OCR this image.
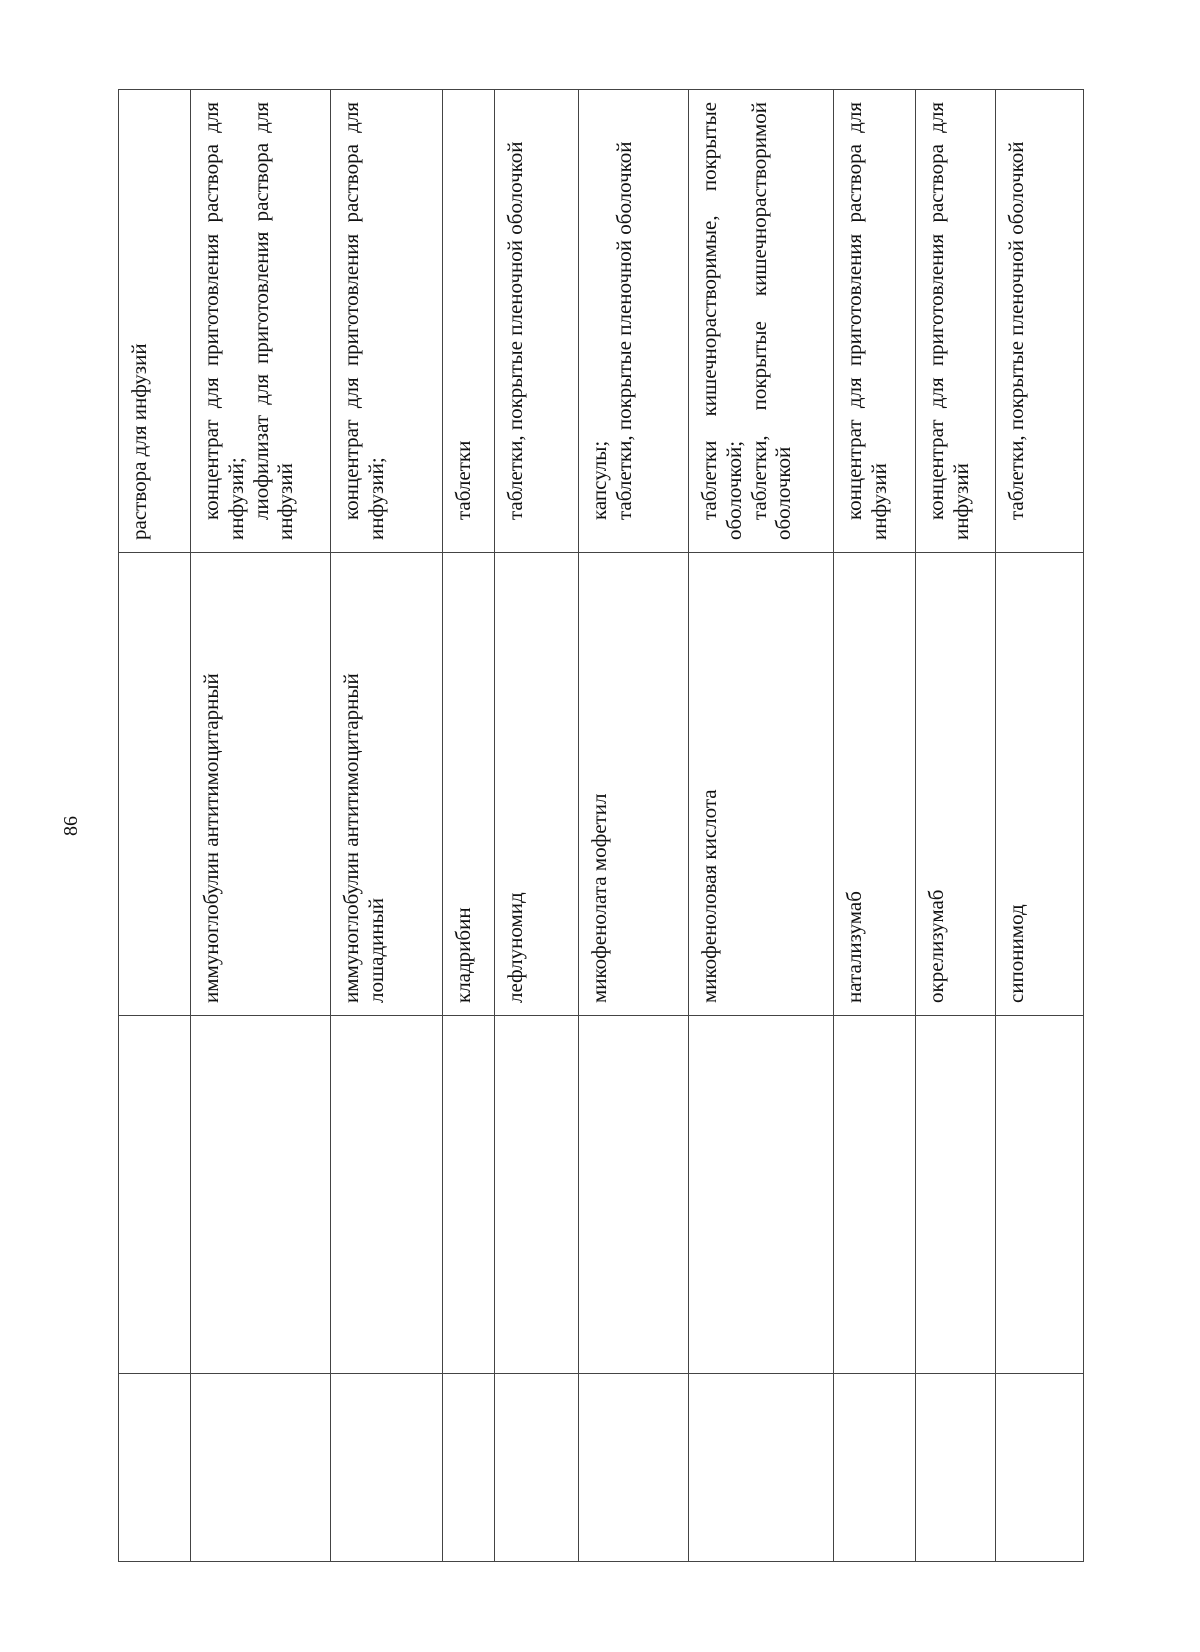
86

			раствора для инфузий

		иммуноглобулин антитимоцитарный	концентрат для приготовления раствора для инфузий; лиофилизат для приготовления раствора для инфузий

		иммуноглобулин антитимоцитарный лошадиный	концентрат для приготовления раствора для инфузий;

		кладрибин	таблетки

		лефлуномид	таблетки, покрытые пленочной оболочкой

		микофенолата мофетил	капсулы; таблетки, покрытые пленочной оболочкой

		микофеноловая кислота	таблетки кишечнорастворимые, покрытые оболочкой; таблетки, покрытые кишечнорастворимой оболочкой

		натализумаб	концентрат для приготовления раствора для инфузий

		окрелизумаб	концентрат для приготовления раствора для инфузий

		сипонимод	таблетки, покрытые пленочной оболочкой
